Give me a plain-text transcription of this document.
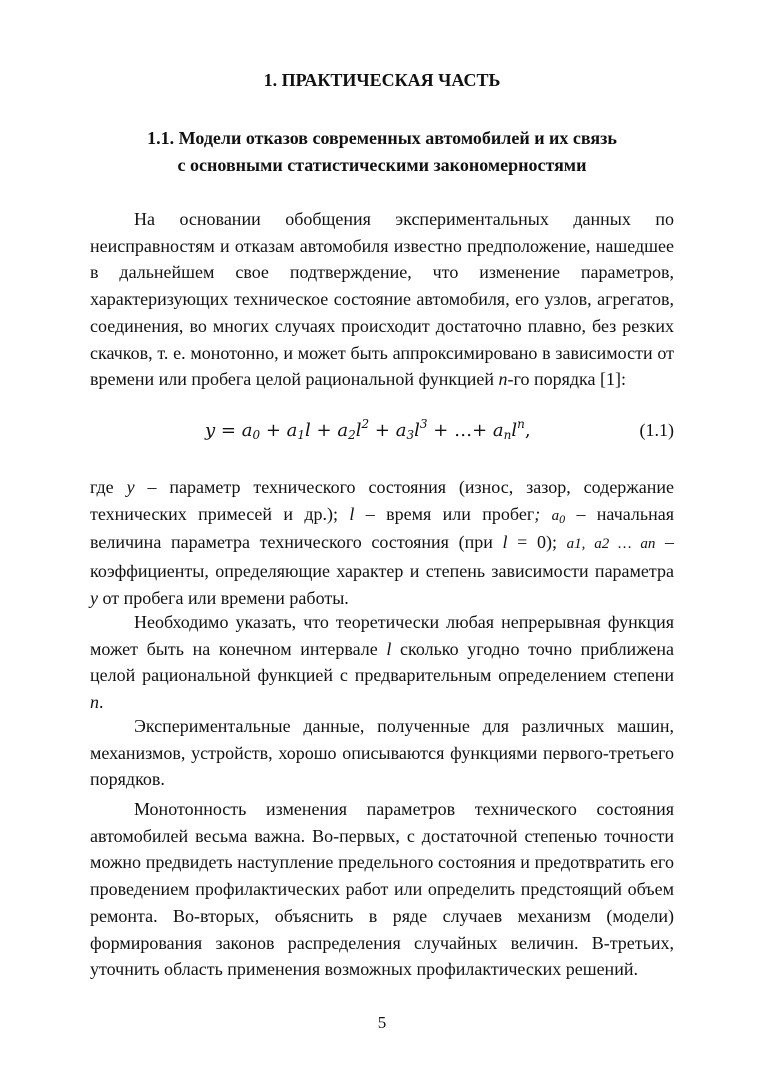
1. ПРАКТИЧЕСКАЯ ЧАСТЬ
1.1. Модели отказов современных автомобилей и их связь
с основными статистическими закономерностями

На основании обобщения экспериментальных данных по неисправностям и отказам автомобиля известно предположение, нашедшее в дальнейшем свое подтверждение, что изменение параметров, характеризующих техническое состояние автомобиля, его узлов, агрегатов, соединения, во многих случаях происходит достаточно плавно, без резких скачков, т. е. монотонно, и может быть аппроксимировано в зависимости от времени или пробега целой рациональной функцией n-го порядка [1]:

$y = a_0 + a_1l + a_2l^2 + a_3l^3$ + …+ $a_nl^n$,	(1.1)

где y – параметр технического состояния (износ, зазор, содержание технических примесей и др.); l – время или пробег; $a_0$ – начальная величина параметра технического состояния (при l = 0); a1, a2 … an – коэффициенты, определяющие характер и степень зависимости параметра y от пробега или времени работы.

Необходимо указать, что теоретически любая непрерывная функция может быть на конечном интервале l сколько угодно точно приближена целой рациональной функцией с предварительным определением степени n.

Экспериментальные данные, полученные для различных машин, механизмов, устройств, хорошо описываются функциями первого-третьего порядков.

Монотонность изменения параметров технического состояния автомобилей весьма важна. Во-первых, с достаточной степенью точности можно предвидеть наступление предельного состояния и предотвратить его проведением профилактических работ или определить предстоящий объем ремонта. Во-вторых, объяснить в ряде случаев механизм (модели) формирования законов распределения случайных величин. В-третьих, уточнить область применения возможных профилактических решений.

5
